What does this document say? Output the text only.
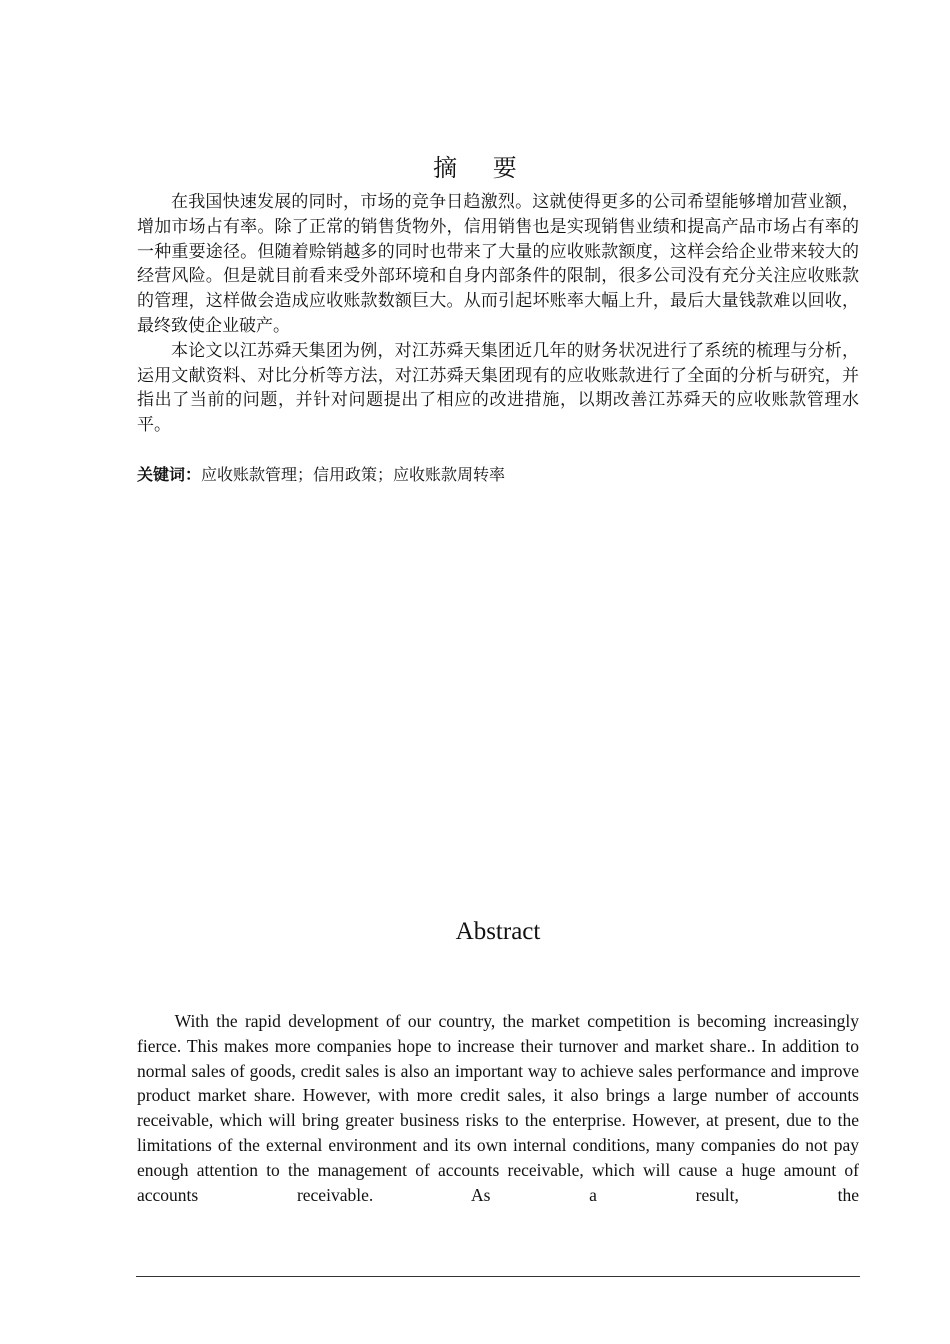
摘 要

在我国快速发展的同时，市场的竞争日趋激烈。这就使得更多的公司希望能够增加营业额，增加市场占有率。除了正常的销售货物外，信用销售也是实现销售业绩和提高产品市场占有率的一种重要途径。但随着赊销越多的同时也带来了大量的应收账款额度，这样会给企业带来较大的经营风险。但是就目前看来受外部环境和自身内部条件的限制，很多公司没有充分关注应收账款的管理，这样做会造成应收账款数额巨大。从而引起坏账率大幅上升，最后大量钱款难以回收，最终致使企业破产。

本论文以江苏舜天集团为例，对江苏舜天集团近几年的财务状况进行了系统的梳理与分析，运用文献资料、对比分析等方法，对江苏舜天集团现有的应收账款进行了全面的分析与研究，并指出了当前的问题，并针对问题提出了相应的改进措施，以期改善江苏舜天的应收账款管理水平。

关键词：应收账款管理；信用政策；应收账款周转率
Abstract

With the rapid development of our country, the market competition is becoming increasingly fierce. This makes more companies hope to increase their turnover and market share.. In addition to normal sales of goods, credit sales is also an important way to achieve sales performance and improve product market share. However, with more credit sales, it also brings a large number of accounts receivable, which will bring greater business risks to the enterprise. However, at present, due to the limitations of the external environment and its own internal conditions, many companies do not pay enough attention to the management of accounts receivable, which will cause a huge amount of accounts receivable. As a result, the
